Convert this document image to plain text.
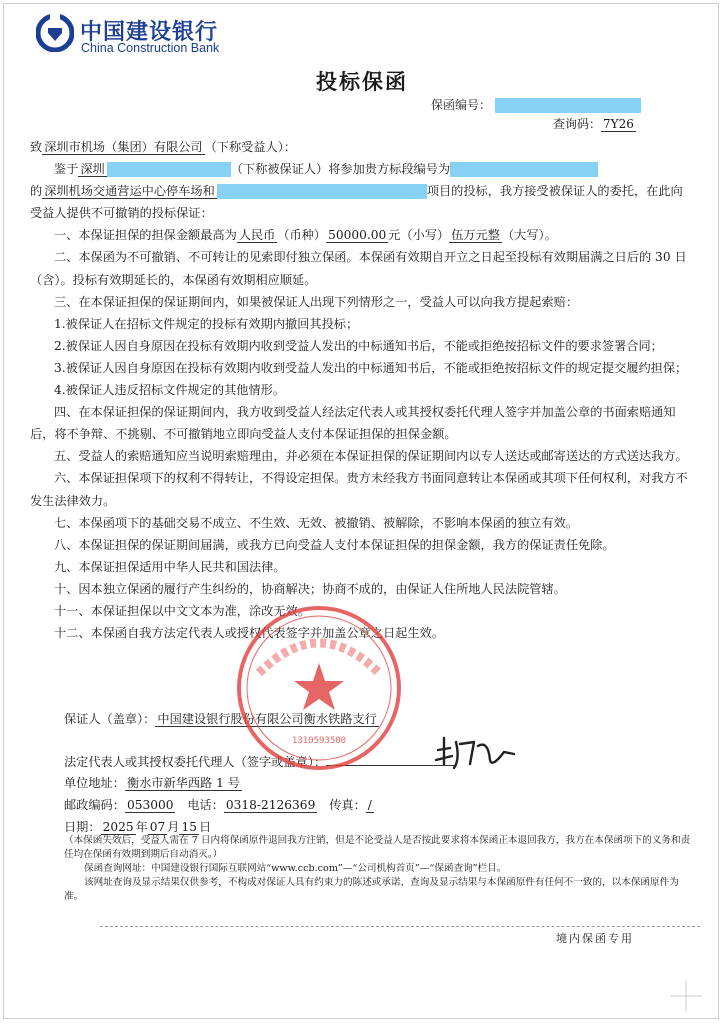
中国建设银行
China Construction Bank
投标保函
保函编号：
查询码： 7Y26

致 深圳市机场（集团）有限公司 （下称受益人）：

鉴于 深圳	（下称被保证人）将参加贵方标段编号为
的 深圳机场交通营运中心停车场和	项目的投标，我方接受被保证人的委托，在此向受益人提供不可撤销的投标保证：

一、本保证担保的担保金额最高为 人民币 （币种） 50000.00 元（小写） 伍万元整 （大写）。

二、本保函为不可撤销、不可转让的见索即付独立保函。本保函有效期自开立之日起至投标有效期届满之日后的 30 日（含）。投标有效期延长的，本保函有效期相应顺延。

三、在本保证担保的保证期间内，如果被保证人出现下列情形之一，受益人可以向我方提起索赔：

1.被保证人在招标文件规定的投标有效期内撤回其投标；

2.被保证人因自身原因在投标有效期内收到受益人发出的中标通知书后，不能或拒绝按招标文件的要求签署合同；

3.被保证人因自身原因在投标有效期内收到受益人发出的中标通知书后，不能或拒绝按招标文件的规定提交履约担保；

4.被保证人违反招标文件规定的其他情形。

四、在本保证担保的保证期间内，我方收到受益人经法定代表人或其授权委托代理人签字并加盖公章的书面索赔通知后，将不争辩、不挑剔、不可撤销地立即向受益人支付本保证担保的担保金额。

五、受益人的索赔通知应当说明索赔理由，并必须在本保证担保的保证期间内以专人送达或邮寄送达的方式送达我方。

六、本保证担保项下的权利不得转让，不得设定担保。贵方未经我方书面同意转让本保函或其项下任何权利，对我方不发生法律效力。

七、本保函项下的基础交易不成立、不生效、无效、被撤销、被解除，不影响本保函的独立有效。

八、本保证担保的保证期间届满，或我方已向受益人支付本保证担保的担保金额，我方的保证责任免除。

九、本保证担保适用中华人民共和国法律。

十、因本独立保函的履行产生纠纷的，协商解决；协商不成的，由保证人住所地人民法院管辖。

十一、本保证担保以中文文本为准，涂改无效。

十二、本保函自我方法定代表人或授权代表签字并加盖公章之日起生效。

保证人（盖章）： 中国建设银行股份有限公司衡水铁路支行
法定代表人或其授权委托代理人（签字或盖章）：
单位地址： 衡水市新华西路 1 号
邮政编码： 053000 电话： 0318-2126369 传真： /
日期： 2025 年 07 月 15 日

（本保函失效后，受益人需在 7 日内将保函原件退回我方注销，但是不论受益人是否按此要求将本保函正本退回我方，我方在本保函项下的义务和责任均在保函有效期到期后自动消灭。）

保函查询网址：中国建设银行国际互联网站“www.ccb.com”—“公司机构首页”—“保函查询”栏目。

该网址查询及显示结果仅供参考，不构成对保证人具有约束力的陈述或承诺，查询及显示结果与本保函原件有任何不一致的，以本保函原件为准。

境内保函专用
1310593500
